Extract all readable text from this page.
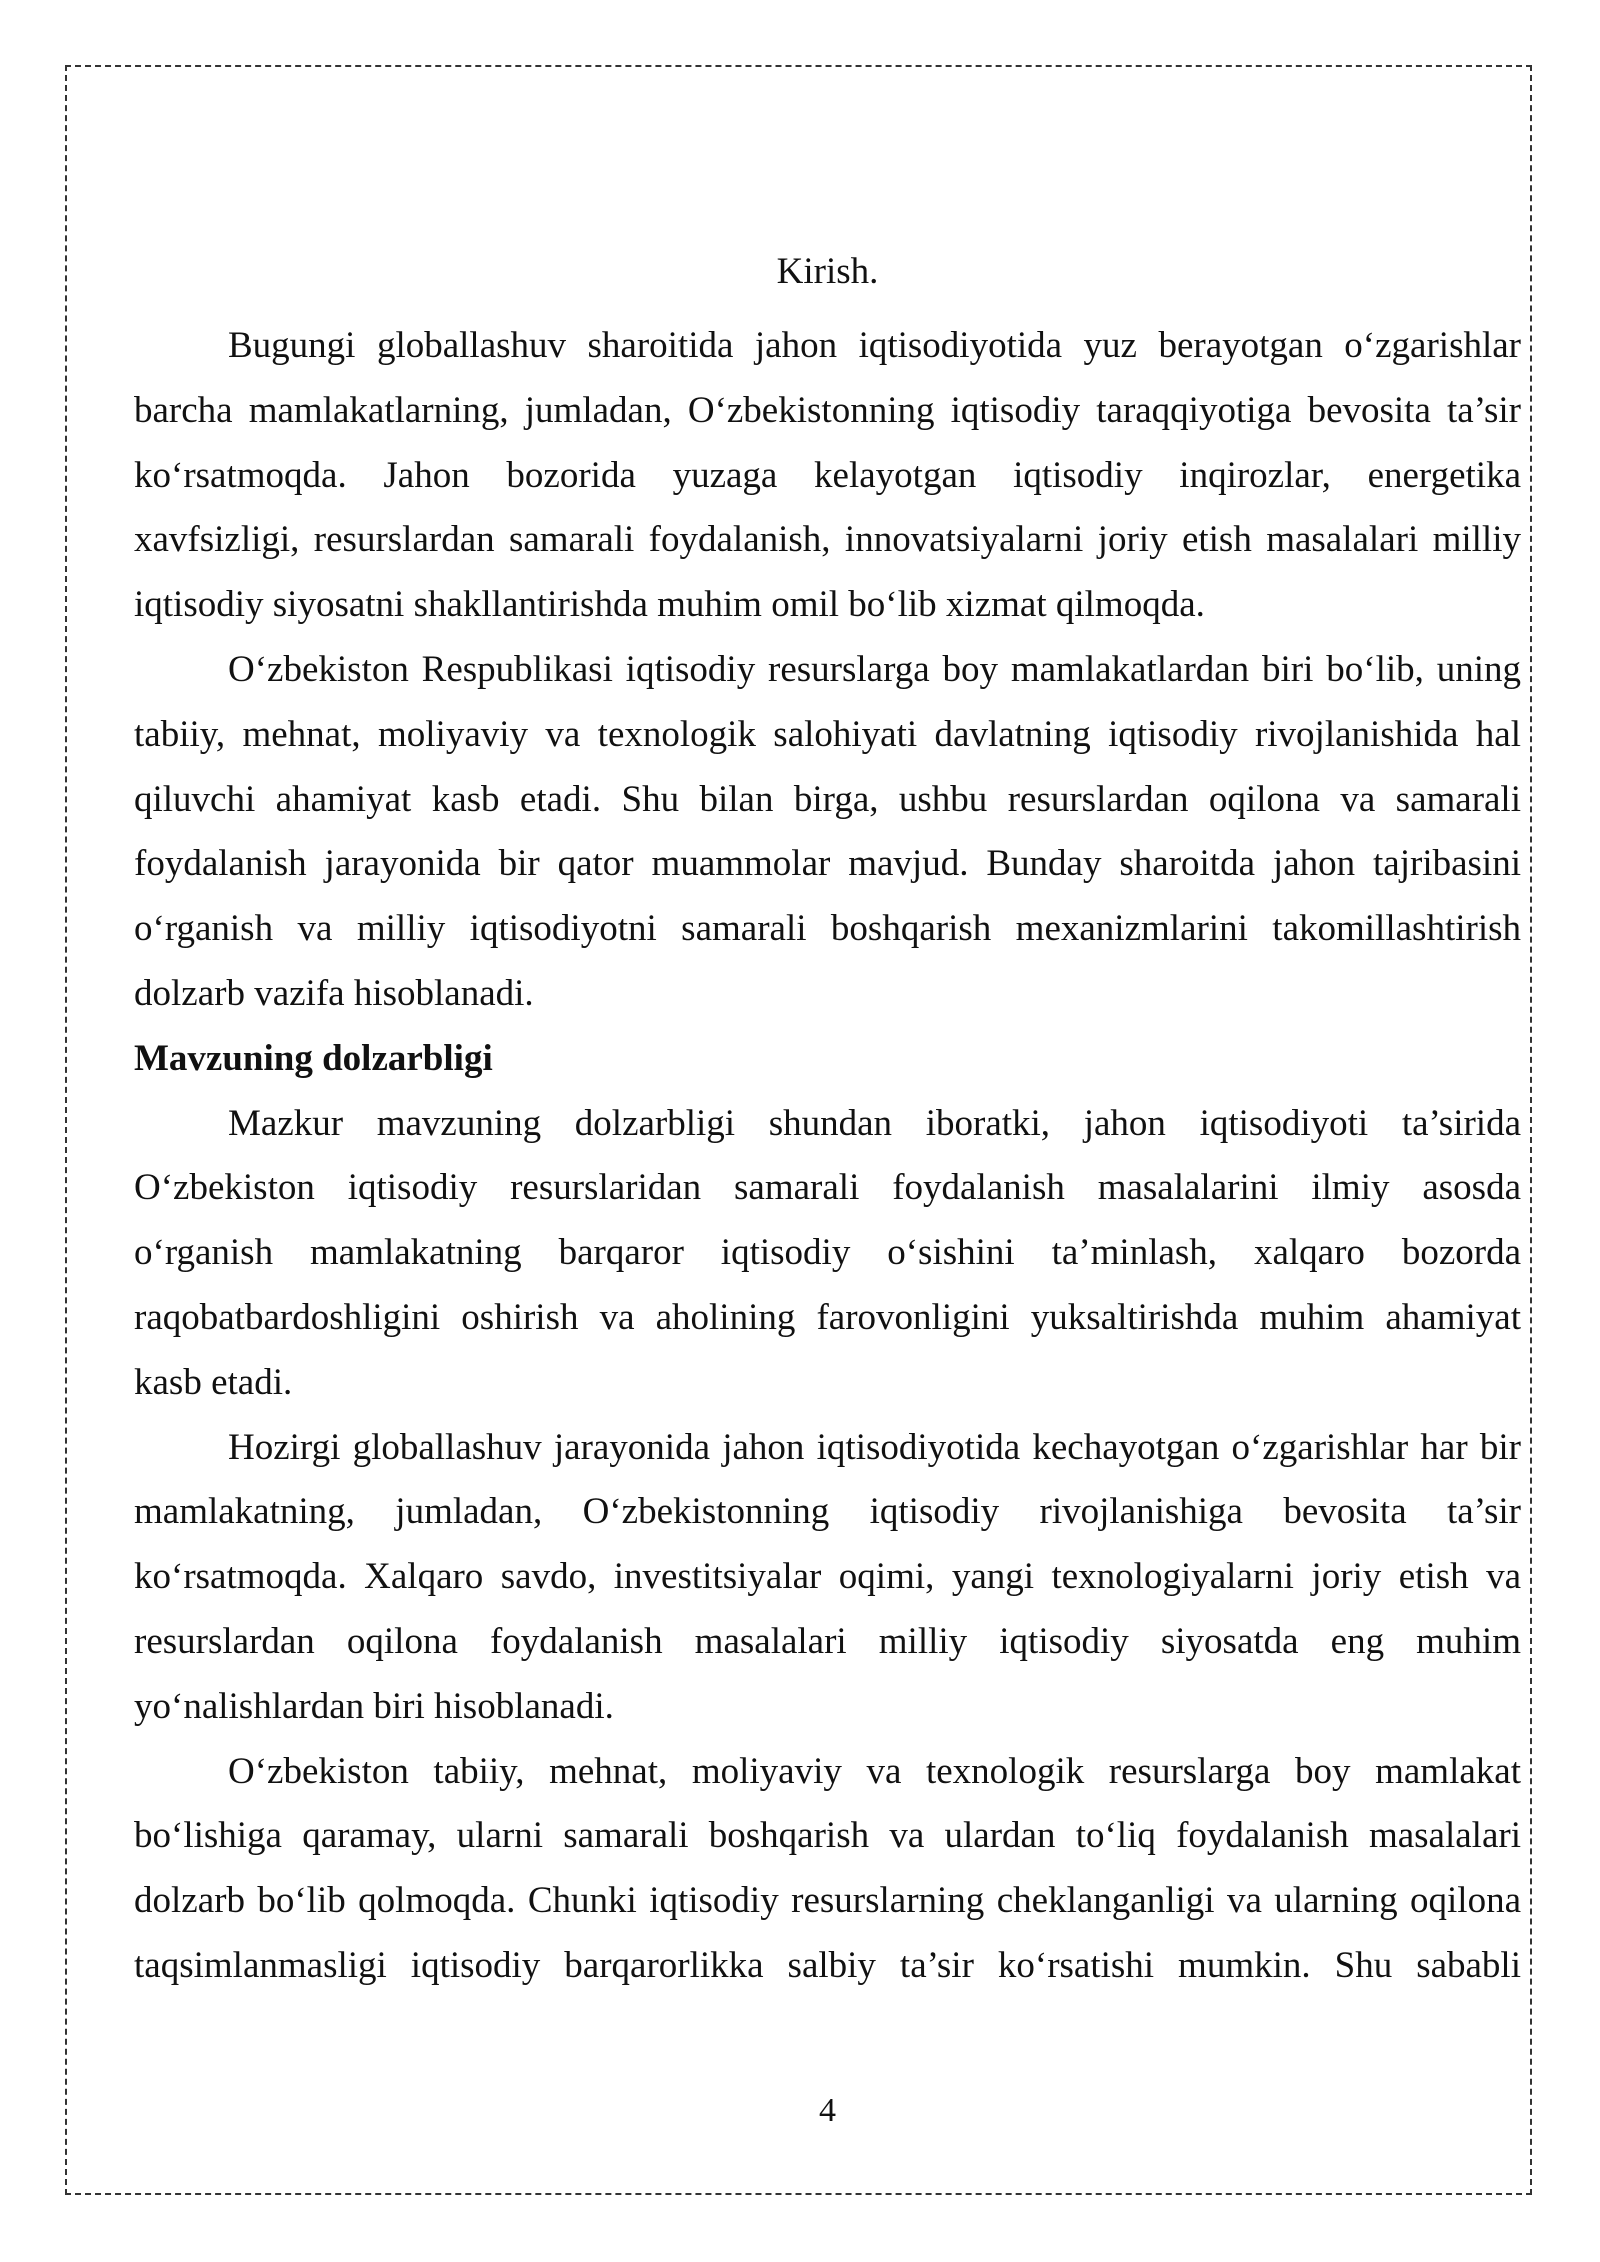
Kirish.
Bugungi globallashuv sharoitida jahon iqtisodiyotida yuz berayotgan o‘zgarishlar
barcha mamlakatlarning, jumladan, O‘zbekistonning iqtisodiy taraqqiyotiga bevosita ta’sir
ko‘rsatmoqda. Jahon bozorida yuzaga kelayotgan iqtisodiy inqirozlar, energetika
xavfsizligi, resurslardan samarali foydalanish, innovatsiyalarni joriy etish masalalari milliy
iqtisodiy siyosatni shakllantirishda muhim omil bo‘lib xizmat qilmoqda.
O‘zbekiston Respublikasi iqtisodiy resurslarga boy mamlakatlardan biri bo‘lib, uning
tabiiy, mehnat, moliyaviy va texnologik salohiyati davlatning iqtisodiy rivojlanishida hal
qiluvchi ahamiyat kasb etadi. Shu bilan birga, ushbu resurslardan oqilona va samarali
foydalanish jarayonida bir qator muammolar mavjud. Bunday sharoitda jahon tajribasini
o‘rganish va milliy iqtisodiyotni samarali boshqarish mexanizmlarini takomillashtirish
dolzarb vazifa hisoblanadi.
Mavzuning dolzarbligi
Mazkur mavzuning dolzarbligi shundan iboratki, jahon iqtisodiyoti ta’sirida
O‘zbekiston iqtisodiy resurslaridan samarali foydalanish masalalarini ilmiy asosda
o‘rganish mamlakatning barqaror iqtisodiy o‘sishini ta’minlash, xalqaro bozorda
raqobatbardoshligini oshirish va aholining farovonligini yuksaltirishda muhim ahamiyat
kasb etadi.
Hozirgi globallashuv jarayonida jahon iqtisodiyotida kechayotgan o‘zgarishlar har bir
mamlakatning, jumladan, O‘zbekistonning iqtisodiy rivojlanishiga bevosita ta’sir
ko‘rsatmoqda. Xalqaro savdo, investitsiyalar oqimi, yangi texnologiyalarni joriy etish va
resurslardan oqilona foydalanish masalalari milliy iqtisodiy siyosatda eng muhim
yo‘nalishlardan biri hisoblanadi.
O‘zbekiston tabiiy, mehnat, moliyaviy va texnologik resurslarga boy mamlakat
bo‘lishiga qaramay, ularni samarali boshqarish va ulardan to‘liq foydalanish masalalari
dolzarb bo‘lib qolmoqda. Chunki iqtisodiy resurslarning cheklanganligi va ularning oqilona
taqsimlanmasligi iqtisodiy barqarorlikka salbiy ta’sir ko‘rsatishi mumkin. Shu sababli
4
